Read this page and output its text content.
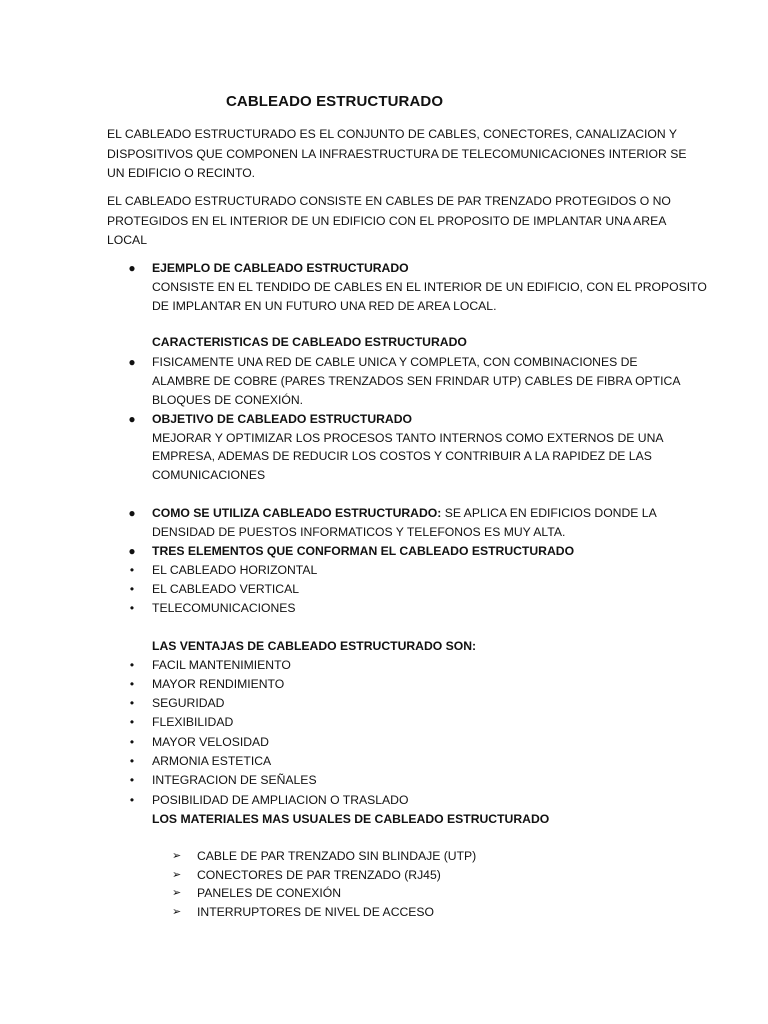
CABLEADO ESTRUCTURADO
EL CABLEADO ESTRUCTURADO ES EL CONJUNTO DE CABLES, CONECTORES, CANALIZACION Y
DISPOSITIVOS QUE COMPONEN LA INFRAESTRUCTURA DE TELECOMUNICACIONES INTERIOR SE
UN EDIFICIO O RECINTO.
EL CABLEADO ESTRUCTURADO CONSISTE EN CABLES DE PAR TRENZADO PROTEGIDOS O NO
PROTEGIDOS EN EL INTERIOR DE UN EDIFICIO CON EL PROPOSITO DE IMPLANTAR UNA AREA
LOCAL
● EJEMPLO DE CABLEADO ESTRUCTURADO
CONSISTE EN EL TENDIDO DE CABLES EN EL INTERIOR DE UN EDIFICIO, CON EL PROPOSITO
DE IMPLANTAR EN UN FUTURO UNA RED DE AREA LOCAL.
CARACTERISTICAS DE CABLEADO ESTRUCTURADO
● FISICAMENTE UNA RED DE CABLE UNICA Y COMPLETA, CON COMBINACIONES DE
ALAMBRE DE COBRE (PARES TRENZADOS SEN FRINDAR UTP) CABLES DE FIBRA OPTICA
BLOQUES DE CONEXIÓN.
● OBJETIVO DE CABLEADO ESTRUCTURADO
MEJORAR Y OPTIMIZAR LOS PROCESOS TANTO INTERNOS COMO EXTERNOS DE UNA
EMPRESA, ADEMAS DE REDUCIR LOS COSTOS Y CONTRIBUIR A LA RAPIDEZ DE LAS
COMUNICACIONES
● COMO SE UTILIZA CABLEADO ESTRUCTURADO: SE APLICA EN EDIFICIOS DONDE LA
DENSIDAD DE PUESTOS INFORMATICOS Y TELEFONOS ES MUY ALTA.
● TRES ELEMENTOS QUE CONFORMAN EL CABLEADO ESTRUCTURADO
• EL CABLEADO HORIZONTAL
• EL CABLEADO VERTICAL
• TELECOMUNICACIONES
LAS VENTAJAS DE CABLEADO ESTRUCTURADO SON:
• FACIL MANTENIMIENTO
• MAYOR RENDIMIENTO
• SEGURIDAD
• FLEXIBILIDAD
• MAYOR VELOSIDAD
• ARMONIA ESTETICA
• INTEGRACION DE SEÑALES
• POSIBILIDAD DE AMPLIACION O TRASLADO
LOS MATERIALES MAS USUALES DE CABLEADO ESTRUCTURADO
➢ CABLE DE PAR TRENZADO SIN BLINDAJE (UTP)
➢ CONECTORES DE PAR TRENZADO (RJ45)
➢ PANELES DE CONEXIÓN
➢ INTERRUPTORES DE NIVEL DE ACCESO
